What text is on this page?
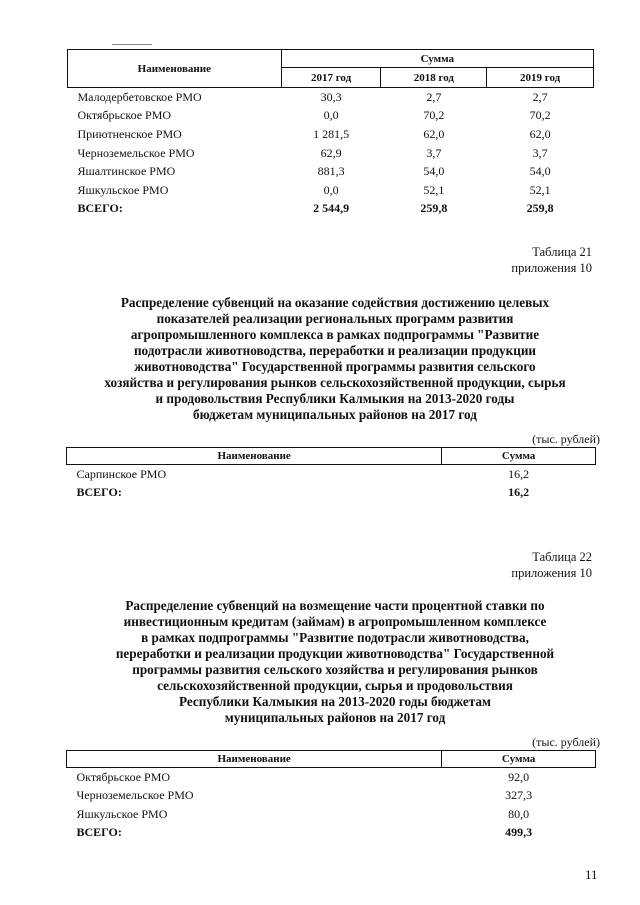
Наименование	Сумма		
	2017 год	2018 год	2019 год
Малодербетовское РМО	30,3	2,7	2,7
Октябрьское РМО	0,0	70,2	70,2
Приютненское РМО	1 281,5	62,0	62,0
Черноземельское РМО	62,9	3,7	3,7
Яшалтинское РМО	881,3	54,0	54,0
Яшкульское РМО	0,0	52,1	52,1
ВСЕГО:	2 544,9	259,8	259,8
Таблица 21
приложения 10
Распределение субвенций на оказание содействия достижению целевых
показателей реализации региональных программ развития
агропромышленного комплекса в рамках подпрограммы "Развитие
подотрасли животноводства, переработки и реализации продукции
животноводства" Государственной программы развития сельского
хозяйства и регулирования рынков сельскохозяйственной продукции, сырья
и продовольствия Республики Калмыкия на 2013-2020 годы
бюджетам муниципальных районов на 2017 год
(тыс. рублей)
Наименование	Сумма
Сарпинское РМО	16,2
ВСЕГО:	16,2
Таблица 22
приложения 10
Распределение субвенций на возмещение части процентной ставки по
инвестиционным кредитам (займам) в агропромышленном комплексе
в рамках подпрограммы "Развитие подотрасли животноводства,
переработки и реализации продукции животноводства" Государственной
программы развития сельского хозяйства и регулирования рынков
сельскохозяйственной продукции, сырья и продовольствия
Республики Калмыкия на 2013-2020 годы бюджетам
муниципальных районов на 2017 год
(тыс. рублей)
Наименование	Сумма
Октябрьское РМО	92,0
Черноземельское РМО	327,3
Яшкульское РМО	80,0
ВСЕГО:	499,3
11
